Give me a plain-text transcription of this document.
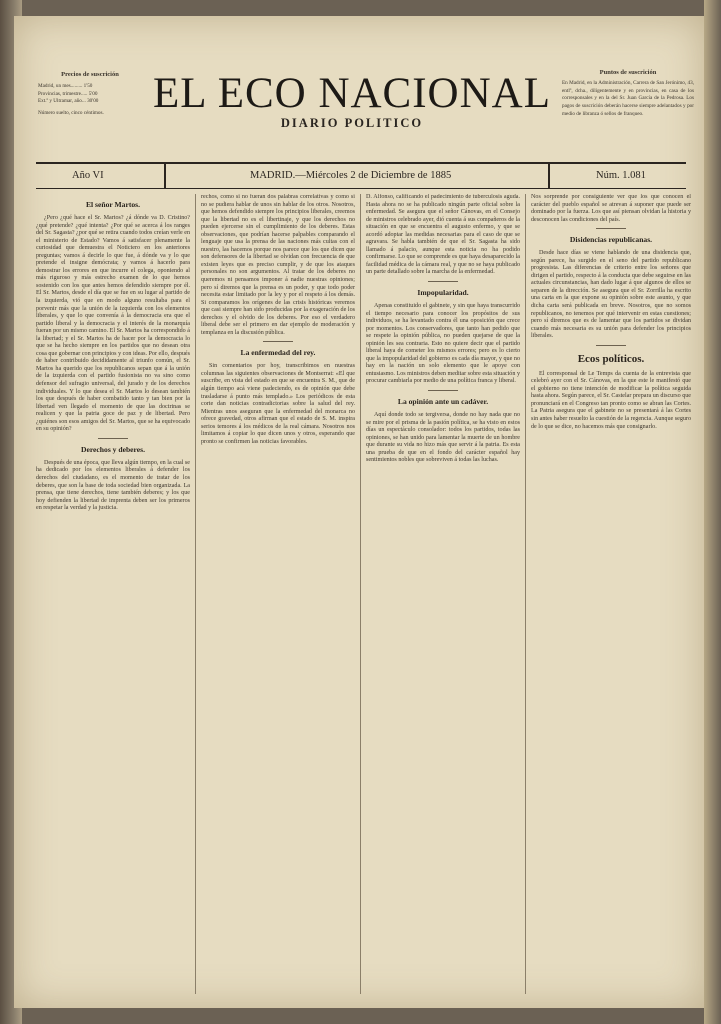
Precios de suscrición
Madrid, un mes......... 1'50
Provincias, trimestre..... 5'00
Ext.º y Ultramar, año... 30'00
Número suelto, cinco céntimos.	EL ECO NACIONAL
DIARIO POLITICO
Puntos de suscrición
En Madrid, en la Administración, Carrera de San Jerónimo, 43, entlº, dcha., diligentemente y en provincias, en casa de los corresponsales y en la del Sr. Juan García de la Pedrosa. Los pagos de suscrición deberán hacerse siempre adelantados y por medio de libranza ó sellos de franqueo.
Año VI	MADRID.—Miércoles 2 de Diciembre de 1885	Núm. 1.081
El señor Martos.

¿Pero ¿qué hace el Sr. Martos? ¿á dónde va D. Cristino? ¿qué pretende? ¿qué intenta? ¿Por qué se acerca á los ranges del Sr. Sagasta? ¿por qué se retira cuando todos creían verle en el ministerio de Estado? Vamos á satisfacer plenamente la curiosidad que demuestra el Noticiero en los anteriores preguntas; vamos á decirle lo que fue, á dónde va y lo que pretende el insigne demócrata; y vamos á hacerlo para demostrar los errores en que incurre el colega, oponiendo al más riguroso y más estrecho examen de lo que hemos sostenido con los que antes hemos defendido siempre por él. El Sr. Martos, desde el día que se fue en su lugar al partido de la izquierda, vió que en modo alguno resultaba para el porvenir más que la unión de la izquierda con los elementos liberales, y que lo que convenía á la democracia era que el partido liberal y la democracia y el interés de la monarquía fueran por un mismo camino. El Sr. Martos ha correspondido á la libertad; y el Sr. Martos ha de hacer por la democracia lo que se ha hecho siempre en los partidos que no desean otra cosa que gobernar con principios y con ideas. Por ello, después de haber contribuido decididamente al triunfo común, el Sr. Martos ha querido que los republicanos sepan que á la unión de la izquierda con el partido fusionista no va sino como defensor del sufragio universal, del jurado y de los derechos individuales. Y lo que desea el Sr. Martos lo desean también los que después de haber combatido tanto y tan bien por la libertad ven llegado el momento de que las doctrinas se realicen y que la patria goce de paz y de libertad. Pero ¿quiénes son esos amigos del Sr. Martos, que se ha equivocado en su opinión?

Derechos y deberes.

Después de una época, que lleva algún tiempo, en la cual se ha dedicado por los elementos liberales á defender los derechos del ciudadano, es el momento de tratar de los deberes, que son la base de toda sociedad bien organizada. La prensa, que tiene derechos, tiene también deberes; y los que hoy defienden la libertad de imprenta deben ser los primeros en respetar la verdad y la justicia.

rechos, como si no fueran dos palabras correlativas y como si no se pudiera hablar de unos sin hablar de los otros. Nosotros, que hemos defendido siempre los principios liberales, creemos que la libertad no es el libertinaje, y que los derechos no pueden ejercerse sin el cumplimiento de los deberes. Estas observaciones, que podrían hacerse palpables comparando el lenguaje que usa la prensa de las naciones más cultas con el nuestro, las hacemos porque nos parece que los que dicen que son defensores de la libertad se olvidan con frecuencia de que existen leyes que es preciso cumplir, y de que los ataques personales no son argumentos. Al tratar de los deberes no queremos ni pensamos imponer á nadie nuestras opiniones; pero sí diremos que la prensa es un poder, y que todo poder necesita estar limitado por la ley y por el respeto á los demás. Si comparamos los orígenes de las crisis históricas veremos que casi siempre han sido producidas por la exageración de los derechos y el olvido de los deberes. Por eso el verdadero liberal debe ser el primero en dar ejemplo de moderación y templanza en la discusión pública.

La enfermedad del rey.

Sin comentarios por hoy, transcribimos en nuestras columnas las siguientes observaciones de Montserrat: «El que suscribe, en vista del estado en que se encuentra S. M., que de algún tiempo acá viene padeciendo, es de opinión que debe trasladarse á punto más templado.» Los periódicos de esta corte dan noticias contradictorias sobre la salud del rey. Mientras unos aseguran que la enfermedad del monarca no ofrece gravedad, otros afirman que el estado de S. M. inspira serios temores á los médicos de la real cámara. Nosotros nos limitamos á copiar lo que dicen unos y otros, esperando que pronto se confirmen las noticias favorables.

D. Alfonso, calificando el padecimiento de tuberculosis aguda. Hasta ahora no se ha publicado ningún parte oficial sobre la enfermedad. Se asegura que el señor Cánovas, en el Consejo de ministros celebrado ayer, dió cuenta á sus compañeros de la situación en que se encuentra el augusto enfermo, y que se acordó adoptar las medidas necesarias para el caso de que se agravara. Se habla también de que el Sr. Sagasta ha sido llamado á palacio, aunque esta noticia no ha podido confirmarse. Lo que se comprende es que haya desaparecido la facilidad médica de la cámara real, y que no se haya publicado un parte detallado sobre la marcha de la enfermedad.

Impopularidad.

Apenas constituido el gabinete, y sin que haya transcurrido el tiempo necesario para conocer los propósitos de sus individuos, se ha levantado contra él una oposición que crece por momentos. Los conservadores, que tanto han pedido que se respete la opinión pública, no pueden quejarse de que la opinión les sea contraria. Esto no quiere decir que el partido liberal haya de cometer los mismos errores; pero es lo cierto que la impopularidad del gobierno es cada día mayor, y que no hay en la nación un solo elemento que le apoye con entusiasmo. Los ministros deben meditar sobre esta situación y procurar cambiarla por medio de una política franca y liberal.

La opinión ante un cadáver.

Aquí donde todo se tergiversa, donde no hay nada que no se mire por el prisma de la pasión política, se ha visto en estos días un espectáculo consolador: todos los partidos, todas las opiniones, se han unido para lamentar la muerte de un hombre que durante su vida no hizo más que servir á la patria. Es esta una prueba de que en el fondo del carácter español hay sentimientos nobles que sobreviven á todas las luchas.

Nos sorprende por consiguiente ver que los que conocen el carácter del pueblo español se atrevan á suponer que puede ser dominado por la fuerza. Los que así piensan olvidan la historia y desconocen las condiciones del país.

Disidencias republicanas.

Desde hace días se viene hablando de una disidencia que, según parece, ha surgido en el seno del partido republicano progresista. Las diferencias de criterio entre los señores que dirigen el partido, respecto á la conducta que debe seguirse en las actuales circunstancias, han dado lugar á que algunos de ellos se separen de la dirección. Se asegura que el Sr. Zorrilla ha escrito una carta en la que expone su opinión sobre este asunto, y que dicha carta será publicada en breve. Nosotros, que no somos republicanos, no tenemos por qué intervenir en estas cuestiones; pero sí diremos que es de lamentar que los partidos se dividan cuando más necesaria es su unión para defender los principios liberales.

Ecos políticos.

El corresponsal de Le Temps da cuenta de la entrevista que celebró ayer con el Sr. Cánovas, en la que este le manifestó que el gobierno no tiene intención de modificar la política seguida hasta ahora. Según parece, el Sr. Castelar prepara un discurso que pronunciará en el Congreso tan pronto como se abran las Cortes. La Patria asegura que el gabinete no se presentará á las Cortes sin antes haber resuelto la cuestión de la regencia. Aunque seguro de lo que se dice, no hacemos más que consignarlo.
